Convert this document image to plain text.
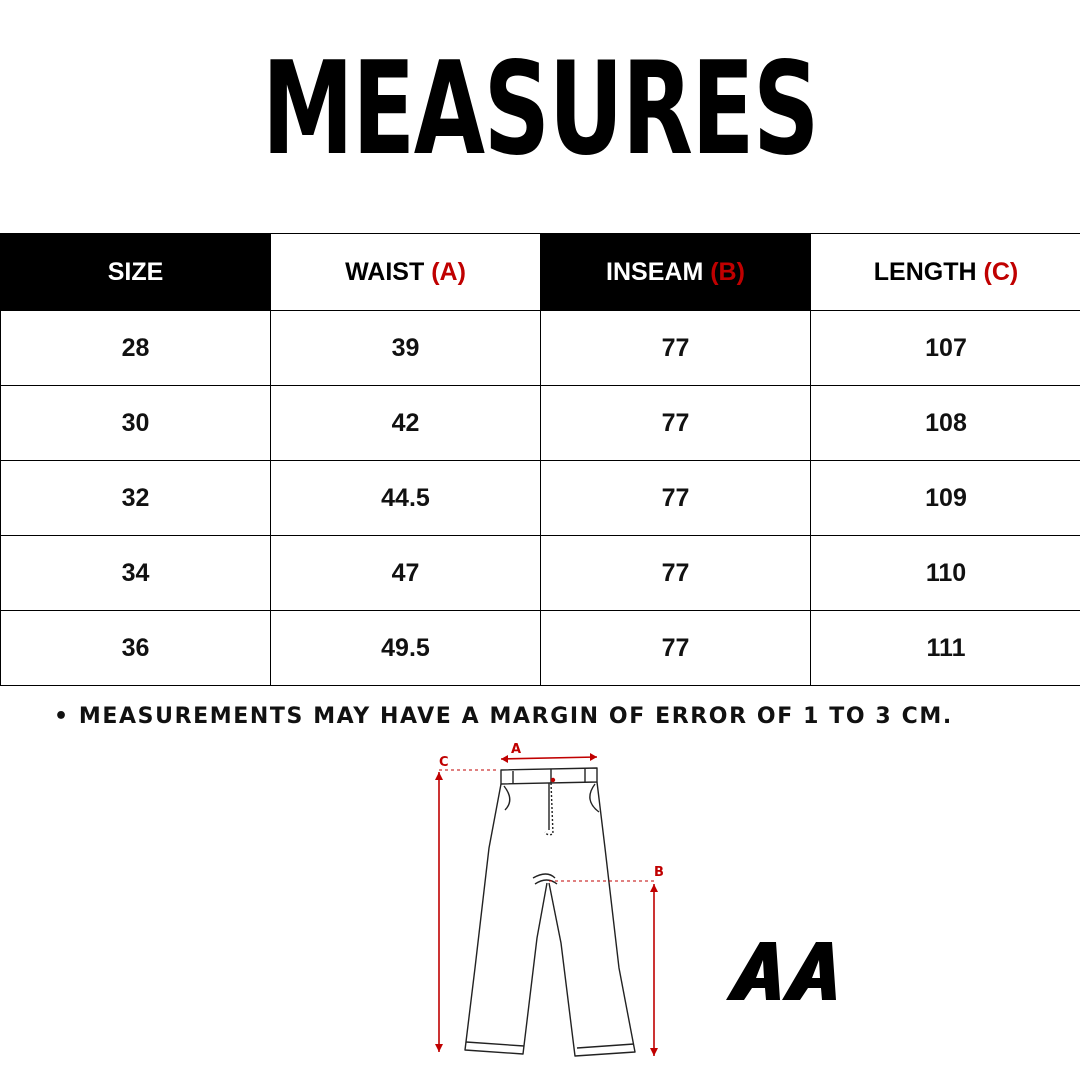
MEASURES
SIZE	WAIST (A)	INSEAM (B)	LENGTH (C)
28	39	77	107
30	42	77	108
32	44.5	77	109
34	47	77	110
36	49.5	77	111
• MEASUREMENTS MAY HAVE A MARGIN OF ERROR OF 1 TO 3 CM.
A
C
B
